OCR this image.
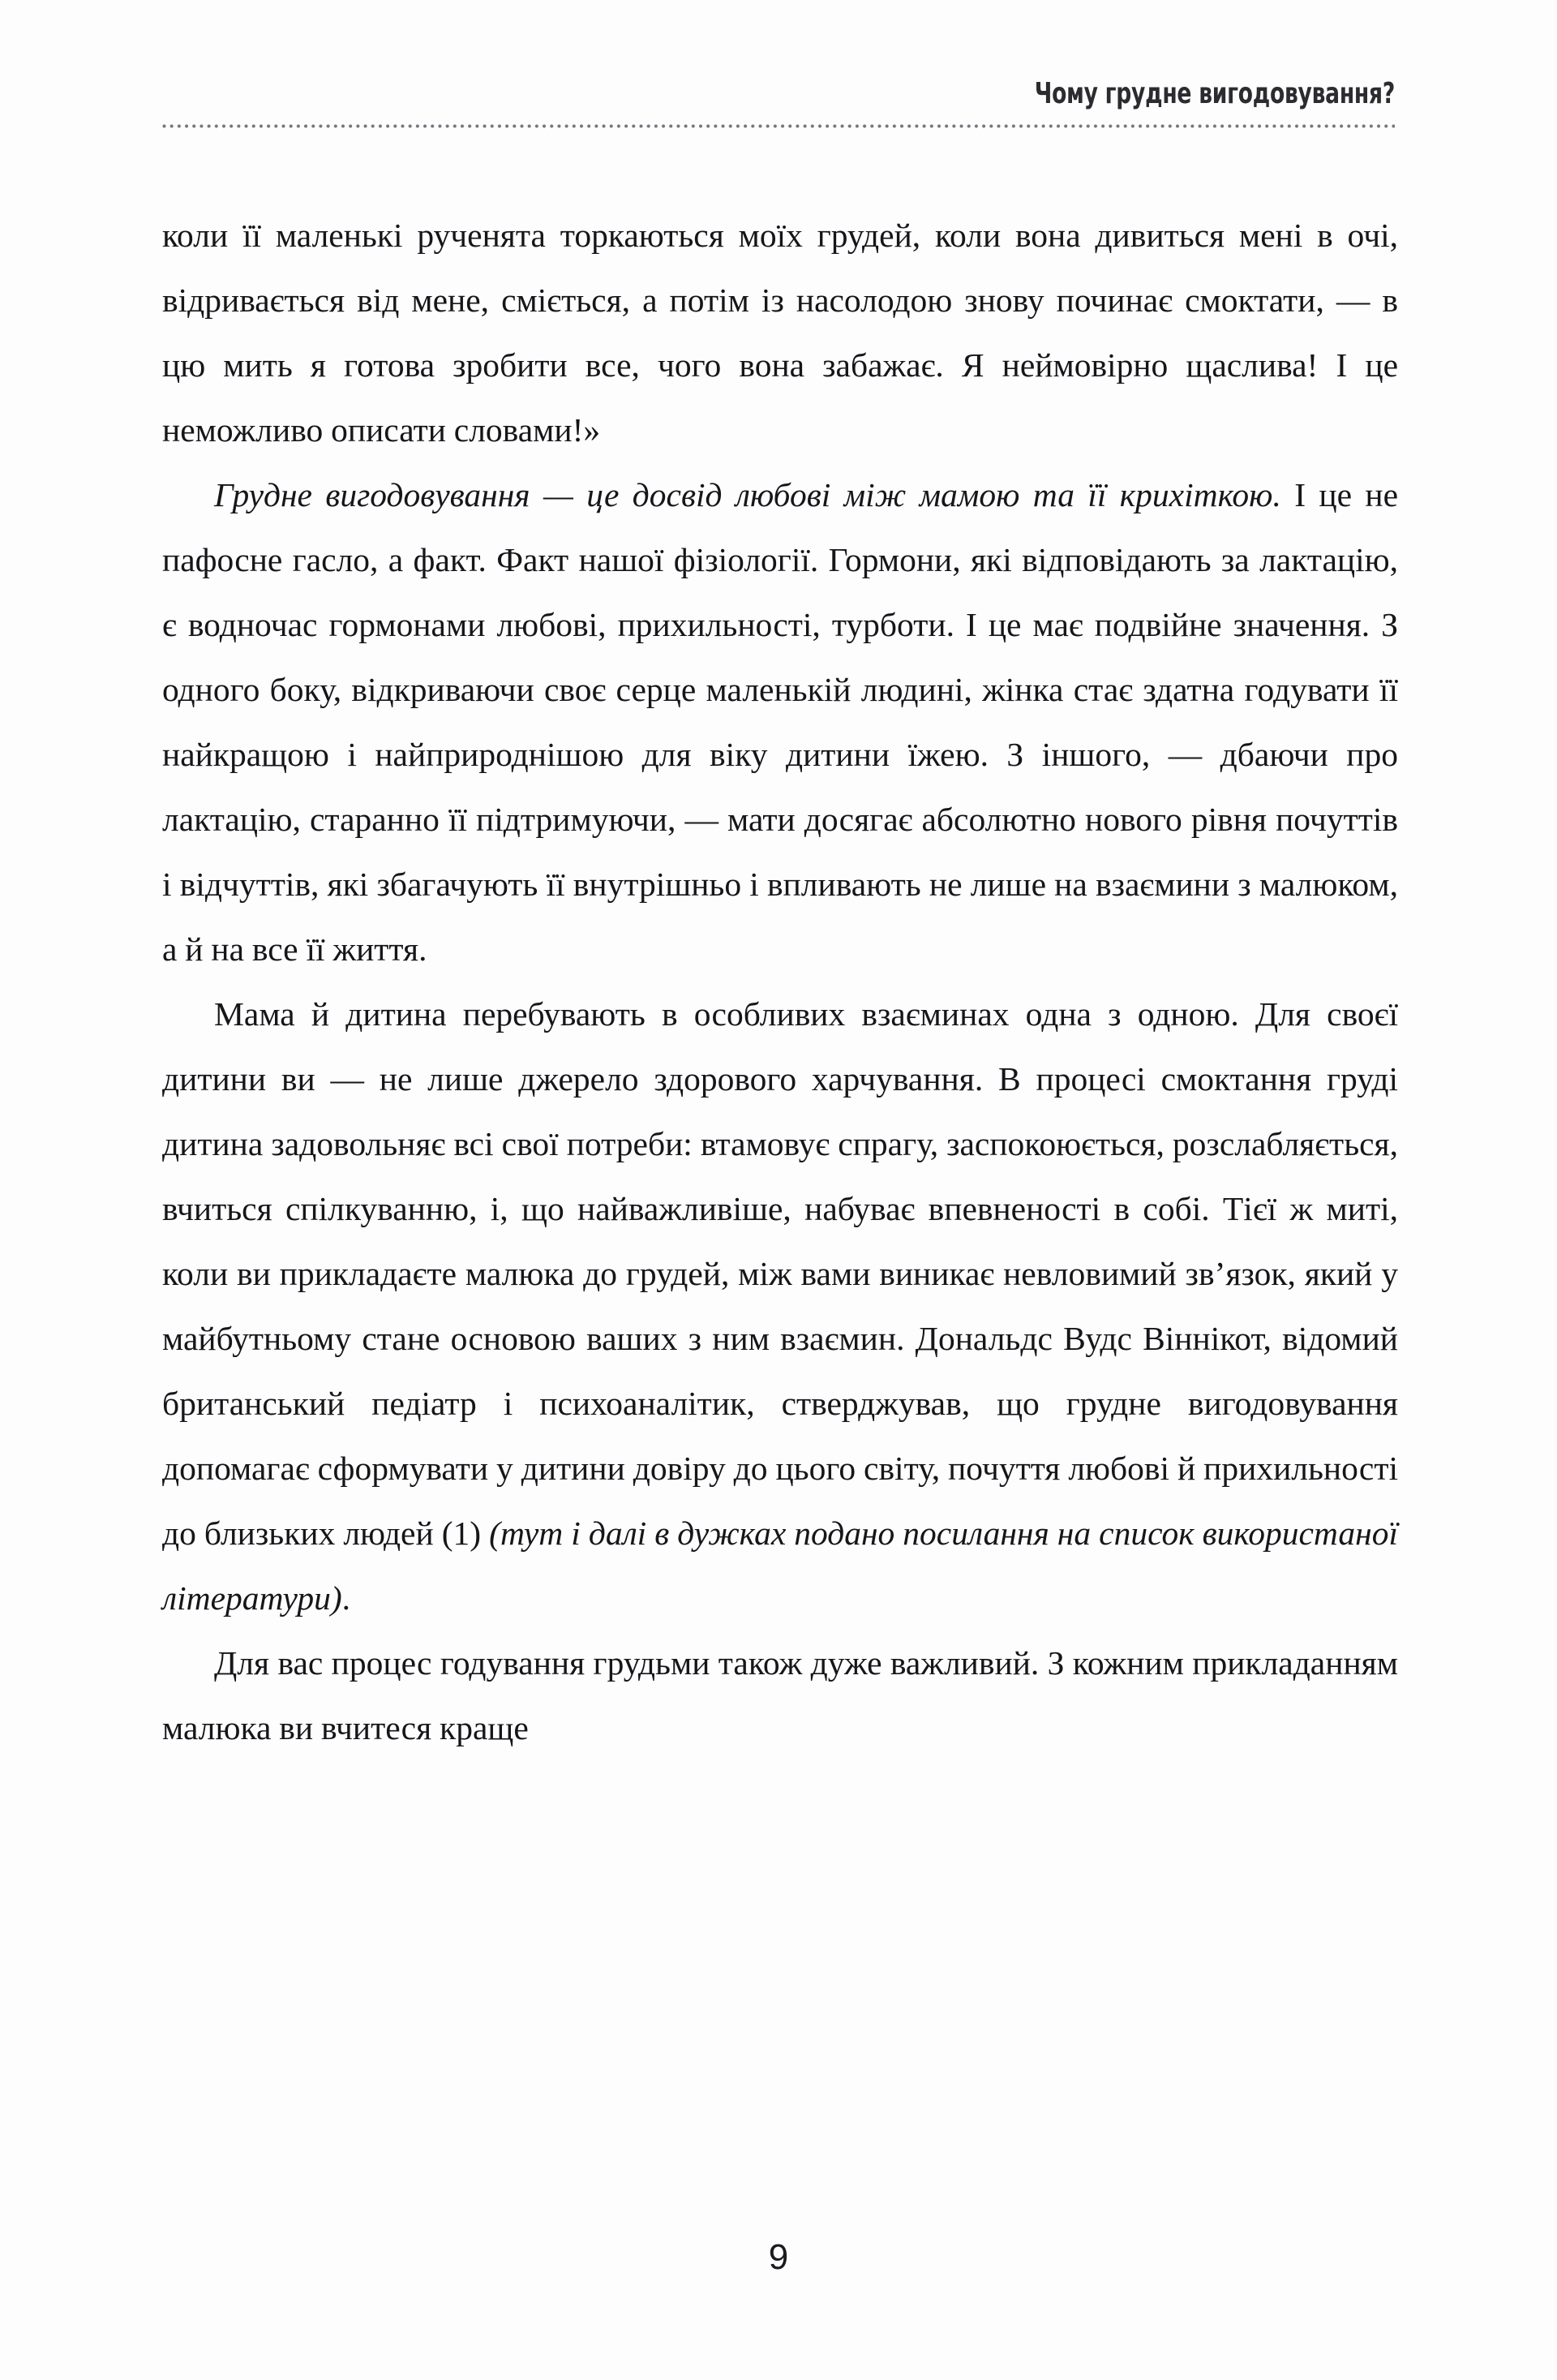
Чому грудне вигодовування?

коли її маленькі рученята торкаються моїх грудей, коли вона дивиться мені в очі, відривається від мене, сміється, а потім із насолодою знову починає смоктати, — в цю мить я готова зробити все, чого вона забажає. Я неймовірно щаслива! І це неможливо описати словами!»

Грудне вигодовування — це досвід любові між мамою та її крихіткою. І це не пафосне гасло, а факт. Факт нашої фізіології. Гормони, які відповідають за лактацію, є водночас гормонами любові, прихильності, турботи. І це має подвійне значення. З одного боку, відкриваючи своє серце маленькій людині, жінка стає здатна годувати її найкращою і найприроднішою для віку дитини їжею. З іншого, — дбаючи про лактацію, старанно її підтримуючи, — мати досягає абсолютно нового рівня почуттів і відчуттів, які збагачують її внутрішньо і впливають не лише на взаємини з малюком, а й на все її життя.

Мама й дитина перебувають в особливих взаєминах одна з одною. Для своєї дитини ви — не лише джерело здорового харчування. В процесі смоктання груді дитина задовольняє всі свої потреби: втамовує спрагу, заспокоюється, розслабляється, вчиться спілкуванню, і, що найважливіше, набуває впевненості в собі. Тієї ж миті, коли ви прикладаєте малюка до грудей, між вами виникає невловимий зв’язок, який у майбутньому стане основою ваших з ним взаємин. Дональдс Вудс Віннікот, відомий британський педіатр і психоаналітик, стверджував, що грудне вигодовування допомагає сформувати у дитини довіру до цього світу, почуття любові й прихильності до близьких людей (1) (тут і далі в дужках подано посилання на список використаної літератури).

Для вас процес годування грудьми також дуже важливий. З кожним прикладанням малюка ви вчитеся краще

9
